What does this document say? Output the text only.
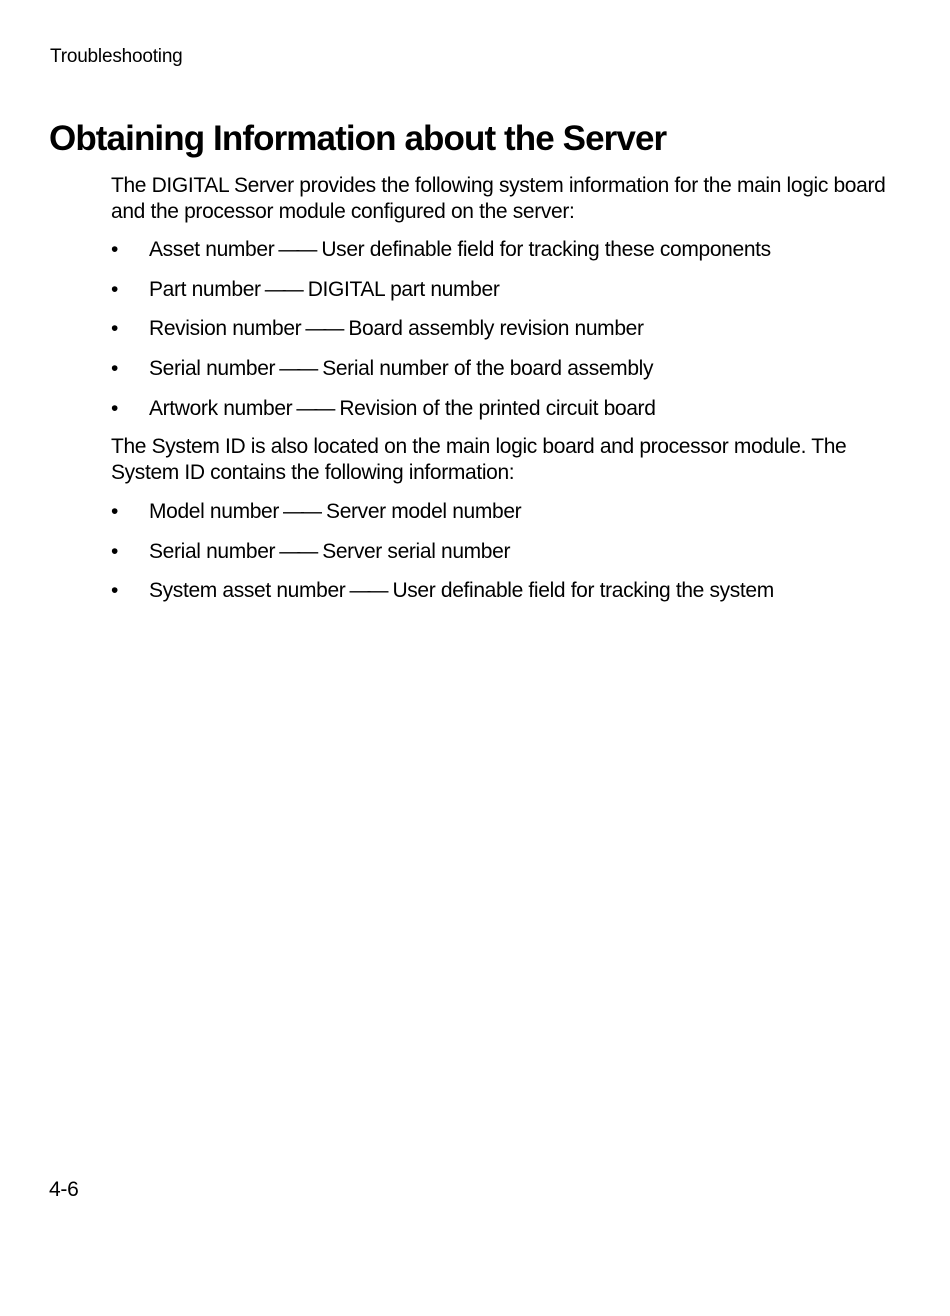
Troubleshooting
Obtaining Information about the Server

The DIGITAL Server provides the following system information for the main logic board and the processor module configured on the server:

•	Asset number —— User definable field for tracking these components
•	Part number —— DIGITAL part number
•	Revision number —— Board assembly revision number
•	Serial number —— Serial number of the board assembly
•	Artwork number —— Revision of the printed circuit board

The System ID is also located on the main logic board and processor module. The System ID contains the following information:

•	Model number —— Server model number
•	Serial number —— Server serial number
•	System asset number —— User definable field for tracking the system
4-6
